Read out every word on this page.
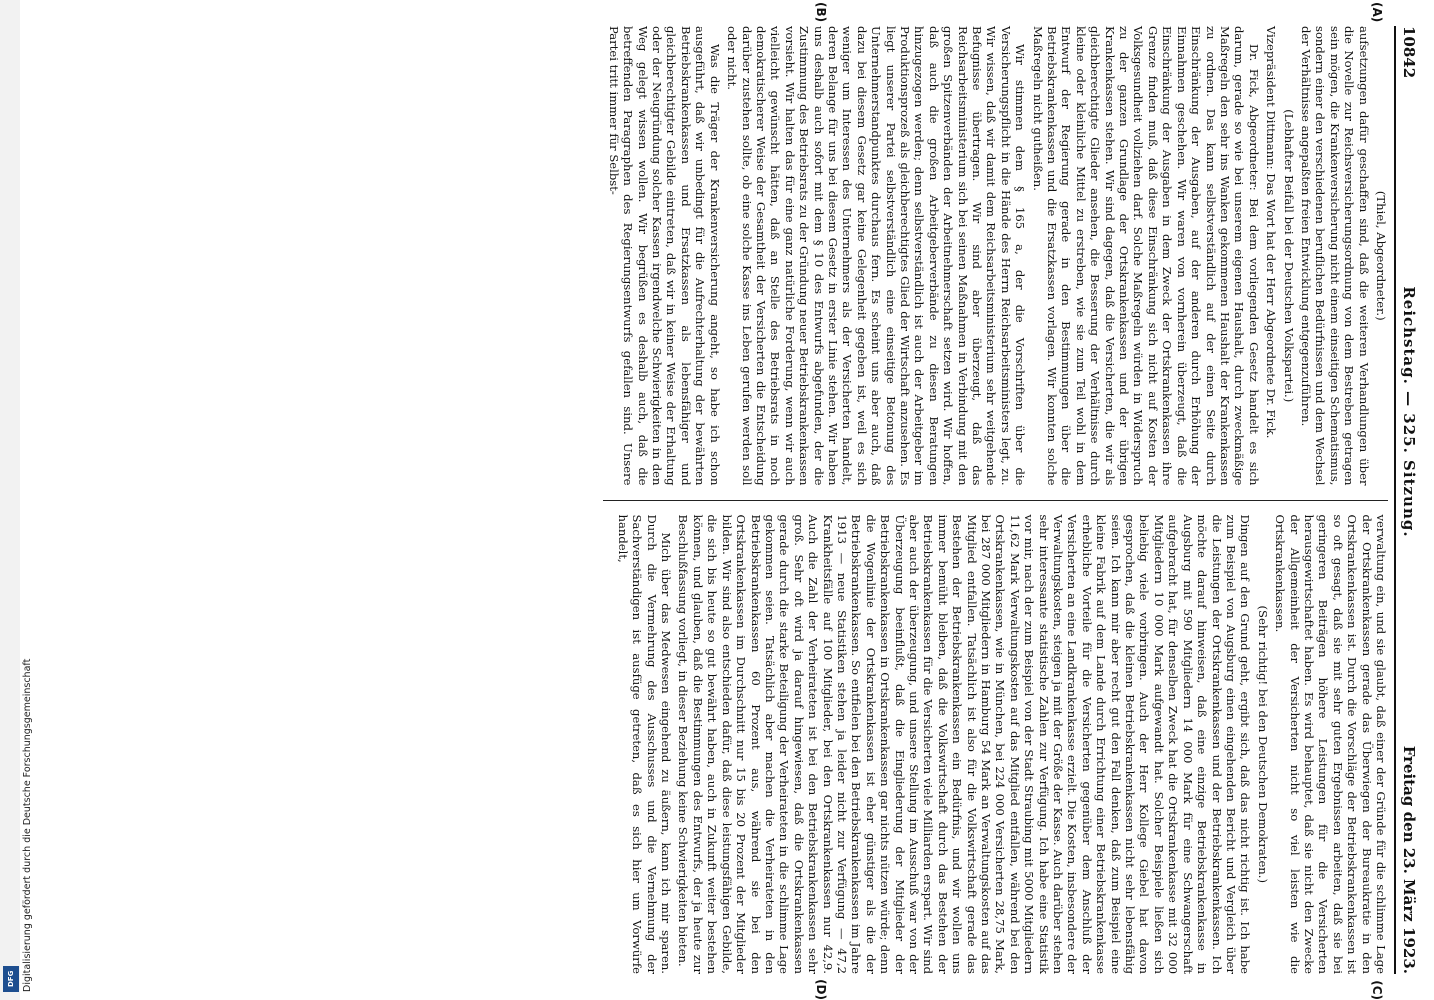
DFG Digitalisierung gefördert durch die Deutsche Forschungsgemeinschaft
10842
Reichstag. — 325. Sitzung.
Freitag den 23. März 1923.
(A)
(B)

(Thiel, Abgeordneter.)

aufsetzungen dafür geschaffen sind, daß die weiteren Verhandlungen über die Novelle zur Reichsversicherungsordnung von dem Bestreben getragen sein mögen, die Krankenversicherung nicht einem einseitigen Schematismus, sondern einer den verschiedenen beruflichen Bedürfnissen und dem Wechsel der Verhältnisse angepaßten freien Entwicklung entgegenzuführen.

(Lebhafter Beifall bei der Deutschen Volkspartei.)

Vizepräsident Dittmann: Das Wort hat der Herr Abgeordnete Dr. Fick.

Dr. Fick, Abgeordneter: Bei dem vorliegenden Gesetz handelt es sich darum, gerade so wie bei unserem eigenen Haushalt, durch zweckmäßige Maßregeln den sehr ins Wanken gekommenen Haushalt der Krankenkassen zu ordnen. Das kann selbstverständlich auf der einen Seite durch Einschränkung der Ausgaben, auf der anderen durch Erhöhung der Einnahmen geschehen. Wir waren von vornherein überzeugt, daß die Einschränkung der Ausgaben in dem Zweck der Ortskrankenkassen ihre Grenze finden muß, daß diese Einschränkung sich nicht auf Kosten der Volksgesundheit vollziehen darf. Solche Maßregeln würden in Widerspruch zu der ganzen Grundlage der Ortskrankenkassen und der übrigen Krankenkassen stehen. Wir sind dagegen, daß die Versicherten, die wir als gleichberechtigte Glieder ansehen, die Besserung der Verhältnisse durch kleine oder kleinliche Mittel zu erstreben, wie sie zum Teil wohl in dem Entwurf der Regierung gerade in den Bestimmungen über die Betriebskrankenkassen und die Ersatzkassen vorlagen. Wir konnten solche Maßregeln nicht gutheißen.

Wir stimmen dem § 165 a, der die Vorschriften über die Versicherungspflicht in die Hände des Herrn Reichsarbeitsministers legt, zu. Wir wissen, daß wir damit dem Reichsarbeitsministerium sehr weitgehende Befugnisse übertragen. Wir sind aber überzeugt, daß das Reichsarbeitsministerium sich bei seinen Maßnahmen in Verbindung mit den großen Spitzenverbänden der Arbeitnehmerschaft setzen wird. Wir hoffen, daß auch die großen Arbeitgeberverbände zu diesen Beratungen hinzugezogen werden; denn selbstverständlich ist auch der Arbeitgeber im Produktionsprozeß als gleichberechtigtes Glied der Wirtschaft anzusehen. Es liegt unserer Partei selbstverständlich eine einseitige Betonung des Unternehmerstandpunktes durchaus fern. Es scheint uns aber auch, daß dazu bei diesem Gesetz gar keine Gelegenheit gegeben ist, weil es sich weniger um Interessen des Unternehmers als der Versicherten handelt, deren Belange für uns bei diesem Gesetz in erster Linie stehen. Wir haben uns deshalb auch sofort mit dem § 10 des Entwurfs abgefunden, der die Zustimmung des Betriebsrats zu der Gründung neuer Betriebskrankenkassen vorsieht. Wir halten das für eine ganz natürliche Forderung, wenn wir auch vielleicht gewünscht hätten, daß an Stelle des Betriebsrats in noch demokratischerer Weise der Gesamtheit der Versicherten die Entscheidung darüber zustehen sollte, ob eine solche Kasse ins Leben gerufen werden soll oder nicht.

Was die Träger der Krankenversicherung angeht, so habe ich schon ausgeführt, daß wir unbedingt für die Aufrechterhaltung der bewährten Betriebskrankenkassen und Ersatzkassen als lebensfähiger und gleichberechtigter Gebilde eintreten, daß wir in keiner Weise der Erhaltung oder der Neugründung solcher Kassen irgendwelche Schwierigkeiten in den Weg gelegt wissen wollen. Wir begrüßen es deshalb auch, daß die betreffenden Paragraphen des Regierungsentwurfs gefallen sind. Unsere Partei tritt immer für Selbst-

(C)
(D)

verwaltung ein, und sie glaubt, daß einer der Gründe für die schlimme Lage der Ortskrankenkassen gerade das Überwiegen der Bureaukratie in den Ortskrankenkassen ist. Durch die Vorschläge der Betriebskrankenkassen ist so oft gesagt, daß sie mit sehr guten Ergebnissen arbeiten, daß sie bei geringeren Beiträgen höhere Leistungen für die Versicherten herausgewirtschaftet haben. Es wird behauptet, daß sie nicht den Zwecke der Allgemeinheit der Versicherten nicht so viel leisten wie die Ortskrankenkassen.

(Sehr richtig! bei den Deutschen Demokraten.)

Dingen auf den Grund geht, ergibt sich, daß das nicht richtig ist. Ich habe zum Beispiel von Augsburg einen eingehenden Bericht und Vergleich über die Leistungen der Ortskrankenkassen und der Betriebskrankenkassen. Ich möchte darauf hinweisen, daß eine einzige Betriebskrankenkasse in Augsburg mit 590 Mitgliedern 14 000 Mark für eine Schwangerschaft aufgebracht hat, für denselben Zweck hat die Ortskrankenkasse mit 32 000 Mitgliedern 10 000 Mark aufgewandt hat. Solcher Beispiele ließen sich beliebig viele vorbringen. Auch der Herr Kollege Giebel hat davon gesprochen, daß die kleinen Betriebskrankenkassen nicht sehr lebensfähig seien. Ich kann mir aber recht gut den Fall denken, daß zum Beispiel eine kleine Fabrik auf dem Lande durch Errichtung einer Betriebskrankenkasse erhebliche Vorteile für die Versicherten gegenüber dem Anschluß der Versicherten an eine Landkrankenkasse erzielt. Die Kosten, insbesondere der Verwaltungskosten, steigen ja mit der Größe der Kasse. Auch darüber stehen sehr interessante statistische Zahlen zur Verfügung. Ich habe eine Statistik vor mir, nach der zum Beispiel von der Stadt Straubing mit 5000 Mitgliedern 11,62 Mark Verwaltungskosten auf das Mitglied entfallen, während bei den Ortskrankenkassen, wie in München, bei 224 000 Versicherten 28,75 Mark, bei 287 000 Mitgliedern in Hamburg 54 Mark an Verwaltungskosten auf das Mitglied entfallen. Tatsächlich ist also für die Volkswirtschaft gerade das Bestehen der Betriebskrankenkassen ein Bedürfnis, und wir wollen uns immer bemüht bleiben, daß die Volkswirtschaft durch das Bestehen der Betriebskrankenkassen für die Versicherten viele Milliarden erspart. Wir sind aber auch der überzeugung, und unsere Stellung im Ausschuß war von der Überzeugung beeinflußt, daß die Eingliederung der Mitglieder der Betriebskrankenkassen in Ortskrankenkassen gar nichts nützen würde; denn die Wogenlinie der Ortskrankenkassen ist eher günstiger als die der Betriebskrankenkassen. So entfielen bei den Betriebskrankenkassen im Jahre 1913 — neue Statistiken stehen ja leider nicht zur Verfügung — 47,2 Krankheitsfälle auf 100 Mitglieder, bei den Ortskrankenkassen nur 42,9. Auch die Zahl der Verheirateten ist bei den Betriebskrankenkassen sehr groß. Sehr oft wird ja darauf hingewiesen, daß die Ortskrankenkassen gerade durch die starke Beteiligung der Verheirateten in die schlimme Lage gekommen seien. Tatsächlich aber machen die Verheirateten in den Betriebskrankenkassen 60 Prozent aus, während sie bei den Ortskrankenkassen im Durchschnitt nur 15 bis 20 Prozent der Mitglieder bilden. Wir sind also entschieden dafür, daß diese leistungsfähigen Gebilde, die sich bis heute so gut bewährt haben, auch in Zukunft weiter bestehen können, und glauben, daß die Bestimmungen des Entwurfs, der ja heute zur Beschlußfassung vorliegt, in dieser Beziehung keine Schwierigkeiten bieten.

Mich über das Medwesen eingehend zu äußern, kann ich mir sparen. Durch die Vermehrung des Ausschusses und die Vernehmung der Sachverständigen ist ausfüge getreten, daß es sich hier um Vorwürfe handelt,
